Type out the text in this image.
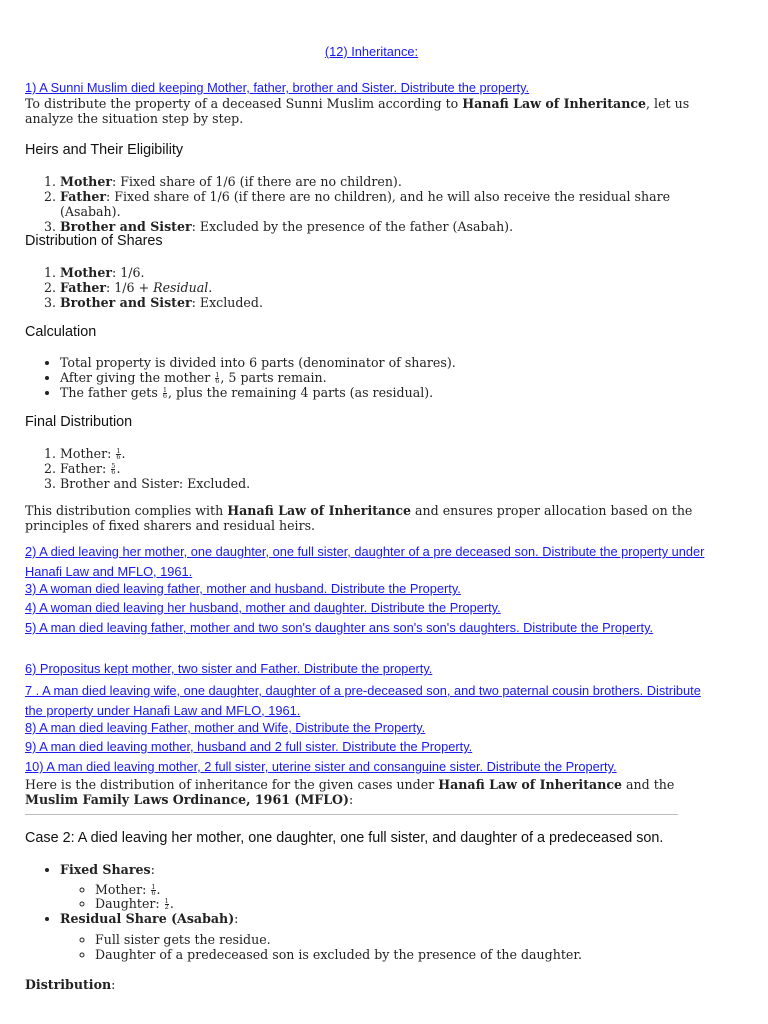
(12) Inheritance:
1) A Sunni Muslim died keeping Mother, father, brother and Sister. Distribute the property.
To distribute the property of a deceased Sunni Muslim according to Hanafi Law of Inheritance, let us analyze the situation step by step.
Heirs and Their Eligibility
1. Mother: Fixed share of 1/6 (if there are no children).
2. Father: Fixed share of 1/6 (if there are no children), and he will also receive the residual share (Asabah).
3. Brother and Sister: Excluded by the presence of the father (Asabah).
Distribution of Shares
1. Mother: 1/6.
2. Father: 1/6 + Residual.
3. Brother and Sister: Excluded.
Calculation
• Total property is divided into 6 parts (denominator of shares).
• After giving the mother $\frac{1}{6}$ , 5 parts remain.
• The father gets $\frac{1}{6}$ , plus the remaining 4 parts (as residual).
Final Distribution
1. Mother: $\frac{1}{6}$ .
2. Father: $\frac{5}{6}$ .
3. Brother and Sister: Excluded.
This distribution complies with Hanafi Law of Inheritance and ensures proper allocation based on the principles of fixed sharers and residual heirs.
2) A died leaving her mother, one daughter, one full sister, daughter of a pre deceased son. Distribute the property under Hanafi Law and MFLO, 1961.
3) A woman died leaving father, mother and husband. Distribute the Property.
4) A woman died leaving her husband, mother and daughter. Distribute the Property.
5) A man died leaving father, mother and two son's daughter ans son's son's daughters. Distribute the Property.
6) Propositus kept mother, two sister and Father. Distribute the property.
7 . A man died leaving wife, one daughter, daughter of a pre-deceased son, and two paternal cousin brothers. Distribute the property under Hanafi Law and MFLO, 1961.
8) A man died leaving Father, mother and Wife, Distribute the Property.
9) A man died leaving mother, husband and 2 full sister. Distribute the Property.
10) A man died leaving mother, 2 full sister, uterine sister and consanguine sister. Distribute the Property.
Here is the distribution of inheritance for the given cases under Hanafi Law of Inheritance and the Muslim Family Laws Ordinance, 1961 (MFLO):
Case 2: A died leaving her mother, one daughter, one full sister, and daughter of a predeceased son.
• Fixed Shares:
◦ Mother: $\frac{1}{6}$ .
◦ Daughter: $\frac{1}{2}$ .
• Residual Share (Asabah):
◦ Full sister gets the residue.
◦ Daughter of a predeceased son is excluded by the presence of the daughter.
Distribution:
